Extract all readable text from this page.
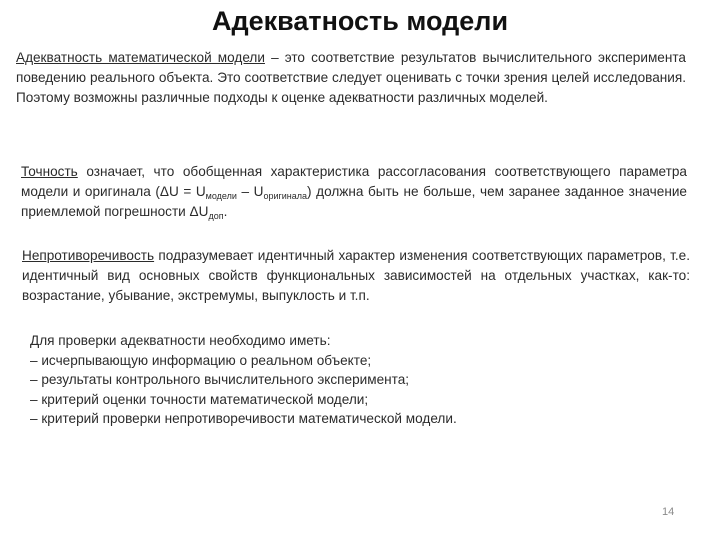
Адекватность модели

Адекватность математической модели – это соответствие результатов вычислительного эксперимента поведению реального объекта. Это соответствие следует оценивать с точки зрения целей исследования. Поэтому возможны различные подходы к оценке адекватности различных моделей.

Точность означает, что обобщенная характеристика рассогласования соответствующего параметра модели и оригинала $(\Delta U = U_{модели} - U_{оригинала})$ должна быть не больше, чем заранее заданное значение приемлемой погрешности $\Delta U_{доп}$.

Непротиворечивость подразумевает идентичный характер изменения соответствующих параметров, т.е. идентичный вид основных свойств функциональных зависимостей на отдельных участках, как-то: возрастание, убывание, экстремумы, выпуклость и т.п.

Для проверки адекватности необходимо иметь:
– исчерпывающую информацию о реальном объекте;
– результаты контрольного вычислительного эксперимента;
– критерий оценки точности математической модели;
– критерий проверки непротиворечивости математической модели.
14
